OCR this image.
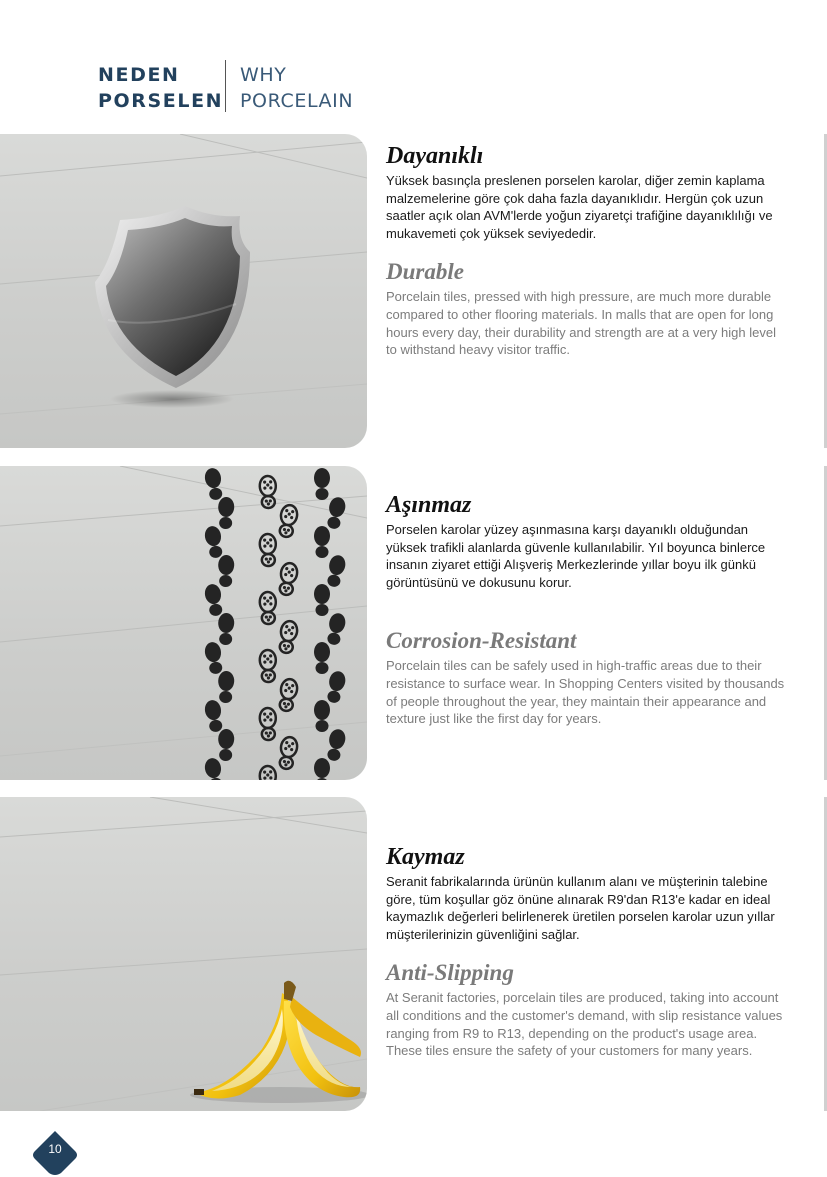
NEDEN
PORSELEN
WHY
PORCELAIN
Dayanıklı

Yüksek basınçla preslenen porselen karolar, diğer zemin kaplama malzemelerine göre çok daha fazla dayanıklıdır. Hergün çok uzun saatler açık olan AVM'lerde yoğun ziyaretçi trafiğine dayanıklılığı ve mukavemeti çok yüksek seviyededir.

Durable

Porcelain tiles, pressed with high pressure, are much more durable compared to other flooring materials. In malls that are open for long hours every day, their durability and strength are at a very high level to withstand heavy visitor traffic.

Aşınmaz

Porselen karolar yüzey aşınmasına karşı dayanıklı olduğundan yüksek trafikli alanlarda güvenle kullanılabilir. Yıl boyunca binlerce insanın ziyaret ettiği Alışveriş Merkezlerinde yıllar boyu ilk günkü görüntüsünü ve dokusunu korur.

Corrosion-Resistant

Porcelain tiles can be safely used in high-traffic areas due to their resistance to surface wear. In Shopping Centers visited by thousands of people throughout the year, they maintain their appearance and texture just like the first day for years.

Kaymaz

Seranit fabrikalarında ürünün kullanım alanı ve müşterinin talebine göre, tüm koşullar göz önüne alınarak R9'dan R13'e kadar en ideal kaymazlık değerleri belirlenerek üretilen porselen karolar uzun yıllar müşterilerinizin güvenliğini sağlar.

Anti-Slipping

At Seranit factories, porcelain tiles are produced, taking into account all conditions and the customer's demand, with slip resistance values ranging from R9 to R13, depending on the product's usage area. These tiles ensure the safety of your customers for many years.

10
